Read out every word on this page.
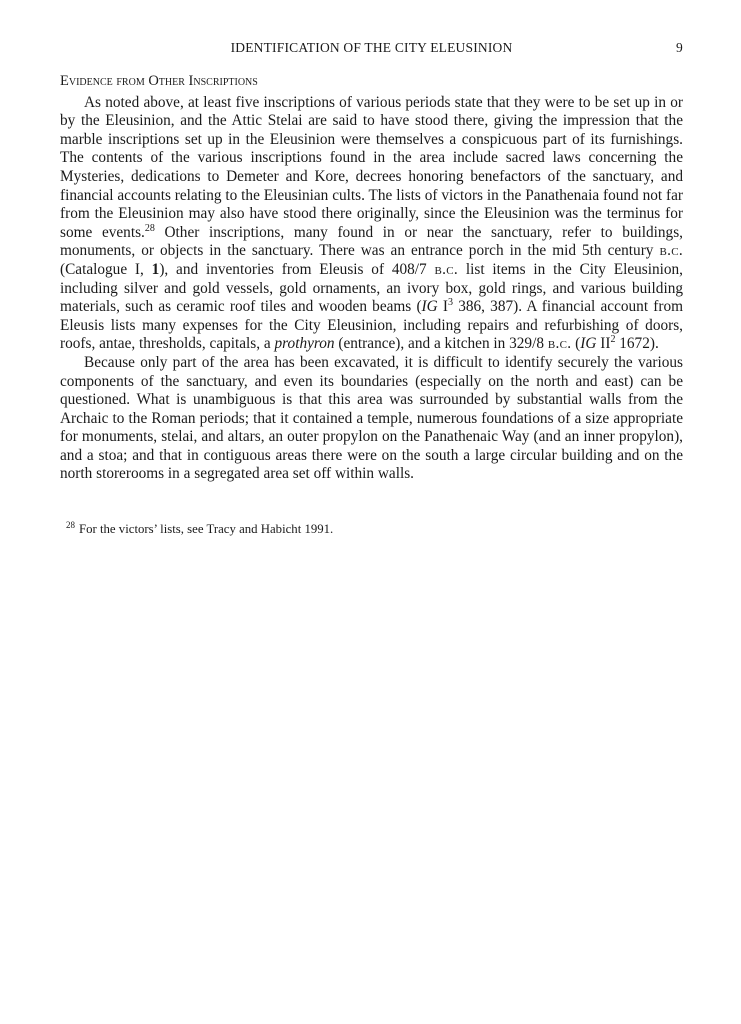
IDENTIFICATION OF THE CITY ELEUSINION	9
Evidence from Other Inscriptions

As noted above, at least five inscriptions of various periods state that they were to be set up in or by the Eleusinion, and the Attic Stelai are said to have stood there, giving the impression that the marble inscriptions set up in the Eleusinion were themselves a conspicuous part of its furnishings. The contents of the various inscriptions found in the area include sacred laws concerning the Mysteries, dedications to Demeter and Kore, decrees honoring benefactors of the sanctuary, and financial accounts relating to the Eleusinian cults. The lists of victors in the Panathenaia found not far from the Eleusinion may also have stood there originally, since the Eleusinion was the terminus for some events.$^{28}$ Other inscriptions, many found in or near the sanctuary, refer to buildings, monuments, or objects in the sanctuary. There was an entrance porch in the mid 5th century b.c. (Catalogue I, 1), and inventories from Eleusis of 408/7 b.c. list items in the City Eleusinion, including silver and gold vessels, gold ornaments, an ivory box, gold rings, and various building materials, such as ceramic roof tiles and wooden beams (IG $I^3$ 386, 387). A financial account from Eleusis lists many expenses for the City Eleusinion, including repairs and refurbishing of doors, roofs, antae, thresholds, capitals, a prothyron (entrance), and a kitchen in 329/8 b.c. (IG $II^2$ 1672).

Because only part of the area has been excavated, it is difficult to identify securely the various components of the sanctuary, and even its boundaries (especially on the north and east) can be questioned. What is unambiguous is that this area was surrounded by substantial walls from the Archaic to the Roman periods; that it contained a temple, numerous foundations of a size appropriate for monuments, stelai, and altars, an outer propylon on the Panathenaic Way (and an inner propylon), and a stoa; and that in contiguous areas there were on the south a large circular building and on the north storerooms in a segregated area set off within walls.

$^{28}$ For the victors’ lists, see Tracy and Habicht 1991.
